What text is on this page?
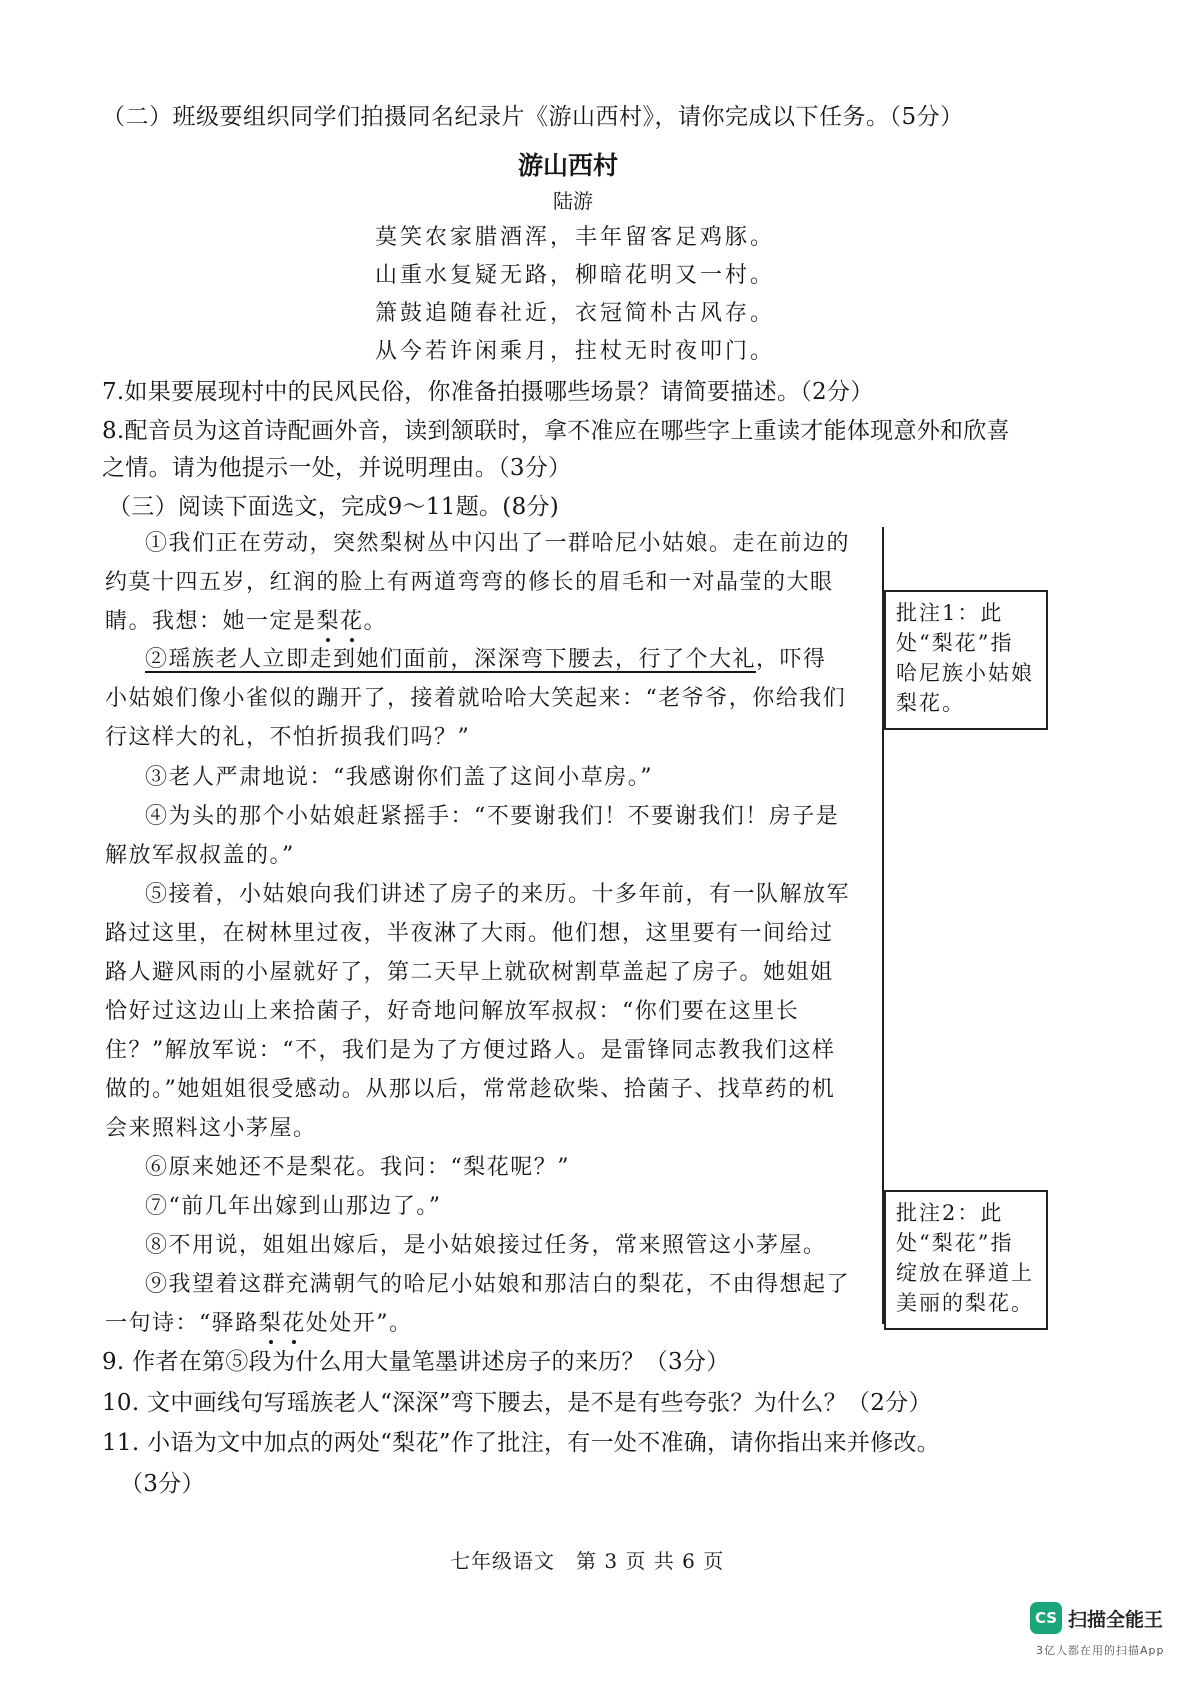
（二）班级要组织同学们拍摄同名纪录片《游山西村》，请你完成以下任务。（5分）
游山西村
陆游
莫笑农家腊酒浑，丰年留客足鸡豚。
山重水复疑无路，柳暗花明又一村。
箫鼓追随春社近，衣冠简朴古风存。
从今若许闲乘月，拄杖无时夜叩门。
7.如果要展现村中的民风民俗，你准备拍摄哪些场景？请简要描述。（2分）
8.配音员为这首诗配画外音，读到颔联时，拿不准应在哪些字上重读才能体现意外和欣喜
之情。请为他提示一处，并说明理由。（3分）
（三）阅读下面选文，完成9～11题。(8分)
①我们正在劳动，突然梨树丛中闪出了一群哈尼小姑娘。走在前边的约莫十四五岁，红润的脸上有两道弯弯的修长的眉毛和一对晶莹的大眼睛。我想：她一定是梨花。
②瑶族老人立即走到她们面前，深深弯下腰去，行了个大礼，吓得小姑娘们像小雀似的蹦开了，接着就哈哈大笑起来：“老爷爷，你给我们行这样大的礼，不怕折损我们吗？”
③老人严肃地说：“我感谢你们盖了这间小草房。”
④为头的那个小姑娘赶紧摇手：“不要谢我们！不要谢我们！房子是解放军叔叔盖的。”
⑤接着，小姑娘向我们讲述了房子的来历。十多年前，有一队解放军路过这里，在树林里过夜，半夜淋了大雨。他们想，这里要有一间给过路人避风雨的小屋就好了，第二天早上就砍树割草盖起了房子。她姐姐恰好过这边山上来拾菌子，好奇地问解放军叔叔：“你们要在这里长住？”解放军说：“不，我们是为了方便过路人。是雷锋同志教我们这样做的。”她姐姐很受感动。从那以后，常常趁砍柴、拾菌子、找草药的机会来照料这小茅屋。
⑥原来她还不是梨花。我问：“梨花呢？”
⑦“前几年出嫁到山那边了。”
⑧不用说，姐姐出嫁后，是小姑娘接过任务，常来照管这小茅屋。
⑨我望着这群充满朝气的哈尼小姑娘和那洁白的梨花，不由得想起了一句诗：“驿路梨花处处开”。
批注1：此处“梨花”指哈尼族小姑娘梨花。
批注2：此处“梨花”指绽放在驿道上美丽的梨花。
9. 作者在第⑤段为什么用大量笔墨讲述房子的来历？（3分）
10. 文中画线句写瑶族老人“深深”弯下腰去，是不是有些夸张？为什么？（2分）
11. 小语为文中加点的两处“梨花”作了批注，有一处不准确，请你指出来并修改。
（3分）
七年级语文　第 3 页 共 6 页
CS 扫描全能王
3亿人都在用的扫描App
